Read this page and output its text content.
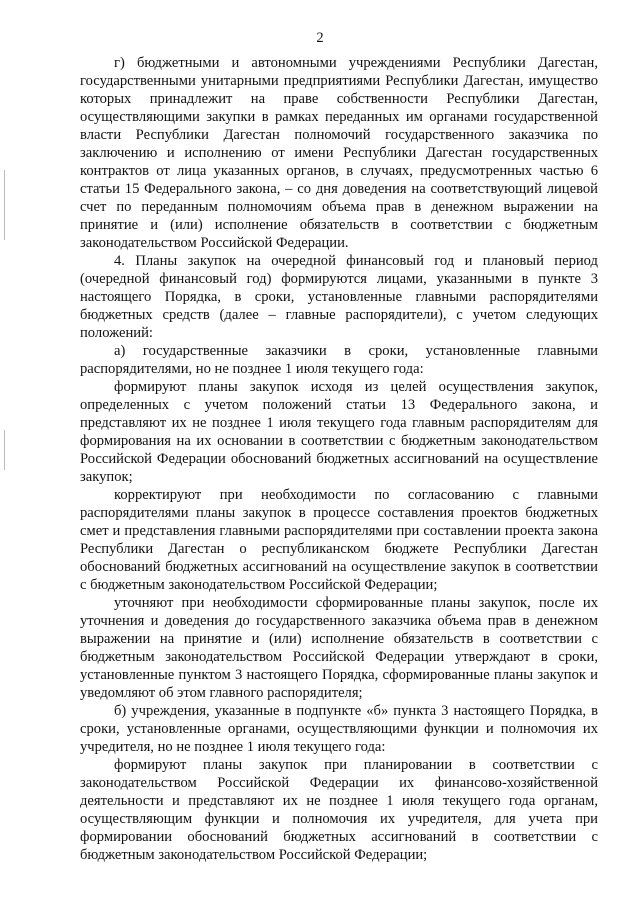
2

г) бюджетными и автономными учреждениями Республики Дагестан, государственными унитарными предприятиями Республики Дагестан, имущество которых принадлежит на праве собственности Республики Дагестан, осуществляющими закупки в рамках переданных им органами государственной власти Республики Дагестан полномочий государственного заказчика по заключению и исполнению от имени Республики Дагестан государственных контрактов от лица указанных органов, в случаях, предусмотренных частью 6 статьи 15 Федерального закона, – со дня доведения на соответствующий лицевой счет по переданным полномочиям объема прав в денежном выражении на принятие и (или) исполнение обязательств в соответствии с бюджетным законодательством Российской Федерации.

4. Планы закупок на очередной финансовый год и плановый период (очередной финансовый год) формируются лицами, указанными в пункте 3 настоящего Порядка, в сроки, установленные главными распорядителями бюджетных средств (далее – главные распорядители), с учетом следующих положений:

а) государственные заказчики в сроки, установленные главными распорядителями, но не позднее 1 июля текущего года:

формируют планы закупок исходя из целей осуществления закупок, определенных с учетом положений статьи 13 Федерального закона, и представляют их не позднее 1 июля текущего года главным распорядителям для формирования на их основании в соответствии с бюджетным законодательством Российской Федерации обоснований бюджетных ассигнований на осуществление закупок;

корректируют при необходимости по согласованию с главными распорядителями планы закупок в процессе составления проектов бюджетных смет и представления главными распорядителями при составлении проекта закона Республики Дагестан о республиканском бюджете Республики Дагестан обоснований бюджетных ассигнований на осуществление закупок в соответствии с бюджетным законодательством Российской Федерации;

уточняют при необходимости сформированные планы закупок, после их уточнения и доведения до государственного заказчика объема прав в денежном выражении на принятие и (или) исполнение обязательств в соответствии с бюджетным законодательством Российской Федерации утверждают в сроки, установленные пунктом 3 настоящего Порядка, сформированные планы закупок и уведомляют об этом главного распорядителя;

б) учреждения, указанные в подпункте «б» пункта 3 настоящего Порядка, в сроки, установленные органами, осуществляющими функции и полномочия их учредителя, но не позднее 1 июля текущего года:

формируют планы закупок при планировании в соответствии с законодательством Российской Федерации их финансово-хозяйственной деятельности и представляют их не позднее 1 июля текущего года органам, осуществляющим функции и полномочия их учредителя, для учета при формировании обоснований бюджетных ассигнований в соответствии с бюджетным законодательством Российской Федерации;
